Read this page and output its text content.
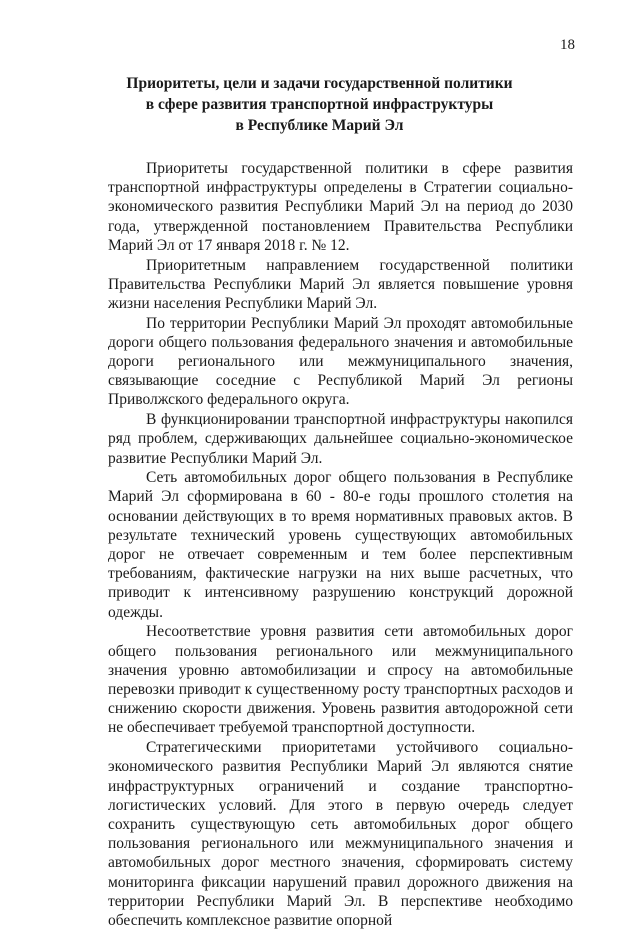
18
Приоритеты, цели и задачи государственной политики
в сфере развития транспортной инфраструктуры
в Республике Марий Эл

Приоритеты государственной политики в сфере развития транспортной инфраструктуры определены в Стратегии социально-экономического развития Республики Марий Эл на период до 2030 года, утвержденной постановлением Правительства Республики Марий Эл от 17 января 2018 г. № 12.

Приоритетным направлением государственной политики Правительства Республики Марий Эл является повышение уровня жизни населения Республики Марий Эл.

По территории Республики Марий Эл проходят автомобильные дороги общего пользования федерального значения и автомобильные дороги регионального или межмуниципального значения, связывающие соседние с Республикой Марий Эл регионы Приволжского федерального округа.

В функционировании транспортной инфраструктуры накопился ряд проблем, сдерживающих дальнейшее социально-экономическое развитие Республики Марий Эл.

Сеть автомобильных дорог общего пользования в Республике Марий Эл сформирована в 60 - 80-е годы прошлого столетия на основании действующих в то время нормативных правовых актов. В результате технический уровень существующих автомобильных дорог не отвечает современным и тем более перспективным требованиям, фактические нагрузки на них выше расчетных, что приводит к интенсивному разрушению конструкций дорожной одежды.

Несоответствие уровня развития сети автомобильных дорог общего пользования регионального или межмуниципального значения уровню автомобилизации и спросу на автомобильные перевозки приводит к существенному росту транспортных расходов и снижению скорости движения. Уровень развития автодорожной сети не обеспечивает требуемой транспортной доступности.

Стратегическими приоритетами устойчивого социально-экономического развития Республики Марий Эл являются снятие инфраструктурных ограничений и создание транспортно-логистических условий. Для этого в первую очередь следует сохранить существующую сеть автомобильных дорог общего пользования регионального или межмуниципального значения и автомобильных дорог местного значения, сформировать систему мониторинга фиксации нарушений правил дорожного движения на территории Республики Марий Эл. В перспективе необходимо обеспечить комплексное развитие опорной
